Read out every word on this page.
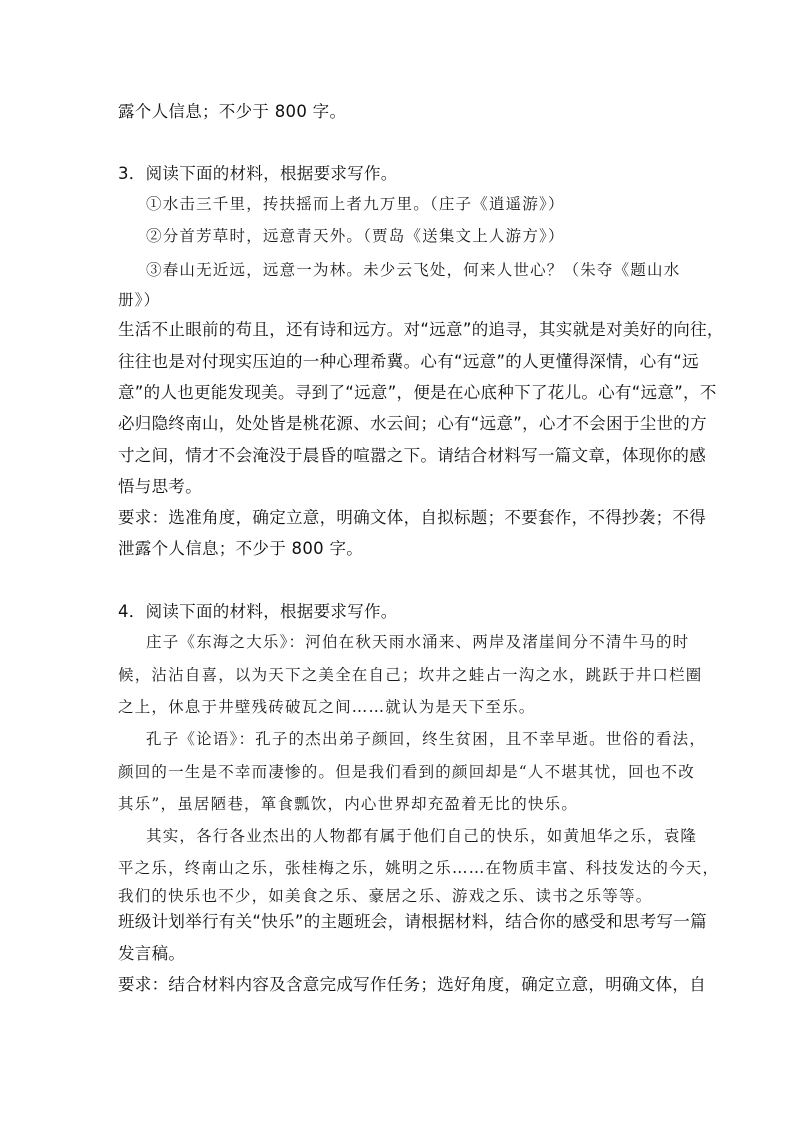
露个人信息；不少于 800 字。
3．阅读下面的材料，根据要求写作。
①水击三千里，抟扶摇而上者九万里。（庄子《逍遥游》）
②分首芳草时，远意青天外。（贾岛《送集文上人游方》）
③春山无近远，远意一为林。未少云飞处，何来人世心？（朱夺《题山水
册》）
生活不止眼前的苟且，还有诗和远方。对“远意”的追寻，其实就是对美好的向往，
往往也是对付现实压迫的一种心理希冀。心有“远意”的人更懂得深情，心有“远
意”的人也更能发现美。寻到了“远意”，便是在心底种下了花儿。心有“远意”，不
必归隐终南山，处处皆是桃花源、水云间；心有“远意”，心才不会困于尘世的方
寸之间，情才不会淹没于晨昏的喧嚣之下。请结合材料写一篇文章，体现你的感
悟与思考。
要求：选准角度，确定立意，明确文体，自拟标题；不要套作，不得抄袭；不得
泄露个人信息；不少于 800 字。
4．阅读下面的材料，根据要求写作。
庄子《东海之大乐》：河伯在秋天雨水涌来、两岸及渚崖间分不清牛马的时
候，沾沾自喜，以为天下之美全在自己；坎井之蛙占一沟之水，跳跃于井口栏圈
之上，休息于井壁残砖破瓦之间……就认为是天下至乐。
孔子《论语》：孔子的杰出弟子颜回，终生贫困，且不幸早逝。世俗的看法，
颜回的一生是不幸而凄惨的。但是我们看到的颜回却是“人不堪其忧，回也不改
其乐”，虽居陋巷，箪食瓢饮，内心世界却充盈着无比的快乐。
其实，各行各业杰出的人物都有属于他们自己的快乐，如黄旭华之乐，袁隆
平之乐，终南山之乐，张桂梅之乐，姚明之乐……在物质丰富、科技发达的今天，
我们的快乐也不少，如美食之乐、豪居之乐、游戏之乐、读书之乐等等。
班级计划举行有关“快乐”的主题班会，请根据材料，结合你的感受和思考写一篇
发言稿。
要求：结合材料内容及含意完成写作任务；选好角度，确定立意，明确文体，自
